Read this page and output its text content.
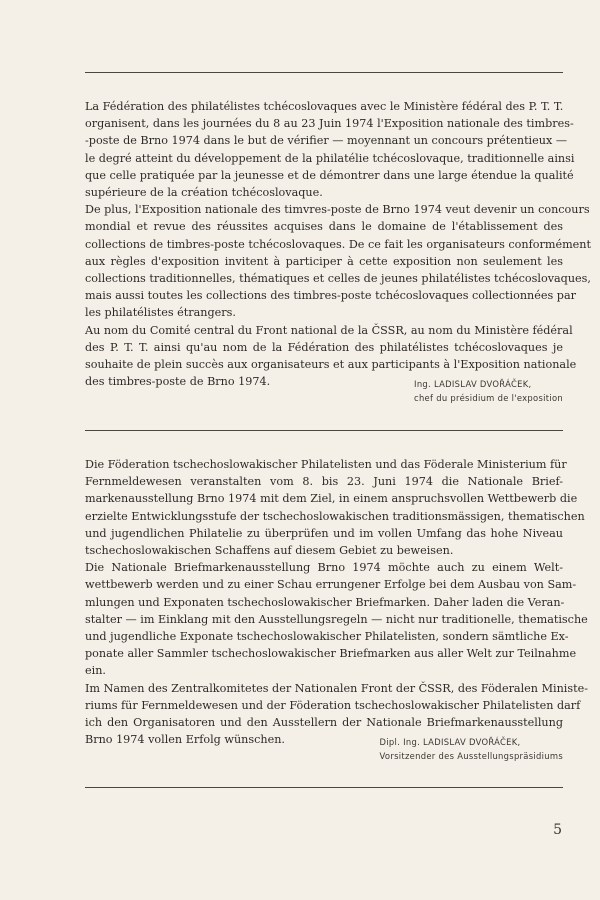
La Fédération des philatélistes tchécoslovaques avec le Ministère fédéral des P. T. T.
organisent, dans les journées du 8 au 23 Juin 1974 l'Exposition nationale des timbres-
-poste de Brno 1974 dans le but de vérifier — moyennant un concours prétentieux —
le degré atteint du développement de la philatélie tchécoslovaque, traditionnelle ainsi
que celle pratiquée par la jeunesse et de démontrer dans une large étendue la qualité
supérieure de la création tchécoslovaque.

De plus, l'Exposition nationale des timvres-poste de Brno 1974 veut devenir un concours
mondial et revue des réussites acquises dans le domaine de l'établissement des
collections de timbres-poste tchécoslovaques. De ce fait les organisateurs conformément
aux règles d'exposition invitent à participer à cette exposition non seulement les
collections traditionnelles, thématiques et celles de jeunes philatélistes tchécoslovaques,
mais aussi toutes les collections des timbres-poste tchécoslovaques collectionnées par
les philatélistes étrangers.

Au nom du Comité central du Front national de la ČSSR, au nom du Ministère fédéral
des P. T. T. ainsi qu'au nom de la Fédération des philatélistes tchécoslovaques je
souhaite de plein succès aux organisateurs et aux participants à l'Exposition nationale
des timbres-poste de Brno 1974.	Ing. LADISLAV DVOŘÁČEK,
chef du présidium de l'exposition

Die Föderation tschechoslowakischer Philatelisten und das Föderale Ministerium für
Fernmeldewesen veranstalten vom 8. bis 23. Juni 1974 die Nationale Brief-
markenausstellung Brno 1974 mit dem Ziel, in einem anspruchsvollen Wettbewerb die
erzielte Entwicklungsstufe der tschechoslowakischen traditionsmässigen, thematischen
und jugendlichen Philatelie zu überprüfen und im vollen Umfang das hohe Niveau
tschechoslowakischen Schaffens auf diesem Gebiet zu beweisen.

Die Nationale Briefmarkenausstellung Brno 1974 möchte auch zu einem Welt-
wettbewerb werden und zu einer Schau errungener Erfolge bei dem Ausbau von Sam-
mlungen und Exponaten tschechoslowakischer Briefmarken. Daher laden die Veran-
stalter — im Einklang mit den Ausstellungsregeln — nicht nur traditionelle, thematische
und jugendliche Exponate tschechoslowakischer Philatelisten, sondern sämtliche Ex-
ponate aller Sammler tschechoslowakischer Briefmarken aus aller Welt zur Teilnahme
ein.

Im Namen des Zentralkomitetes der Nationalen Front der ČSSR, des Föderalen Ministe-
riums für Fernmeldewesen und der Föderation tschechoslowakischer Philatelisten darf
ich den Organisatoren und den Ausstellern der Nationale Briefmarkenausstellung
Brno 1974 vollen Erfolg wünschen.	Dipl. Ing. LADISLAV DVOŘÁČEK,
Vorsitzender des Ausstellungspräsidiums

5
